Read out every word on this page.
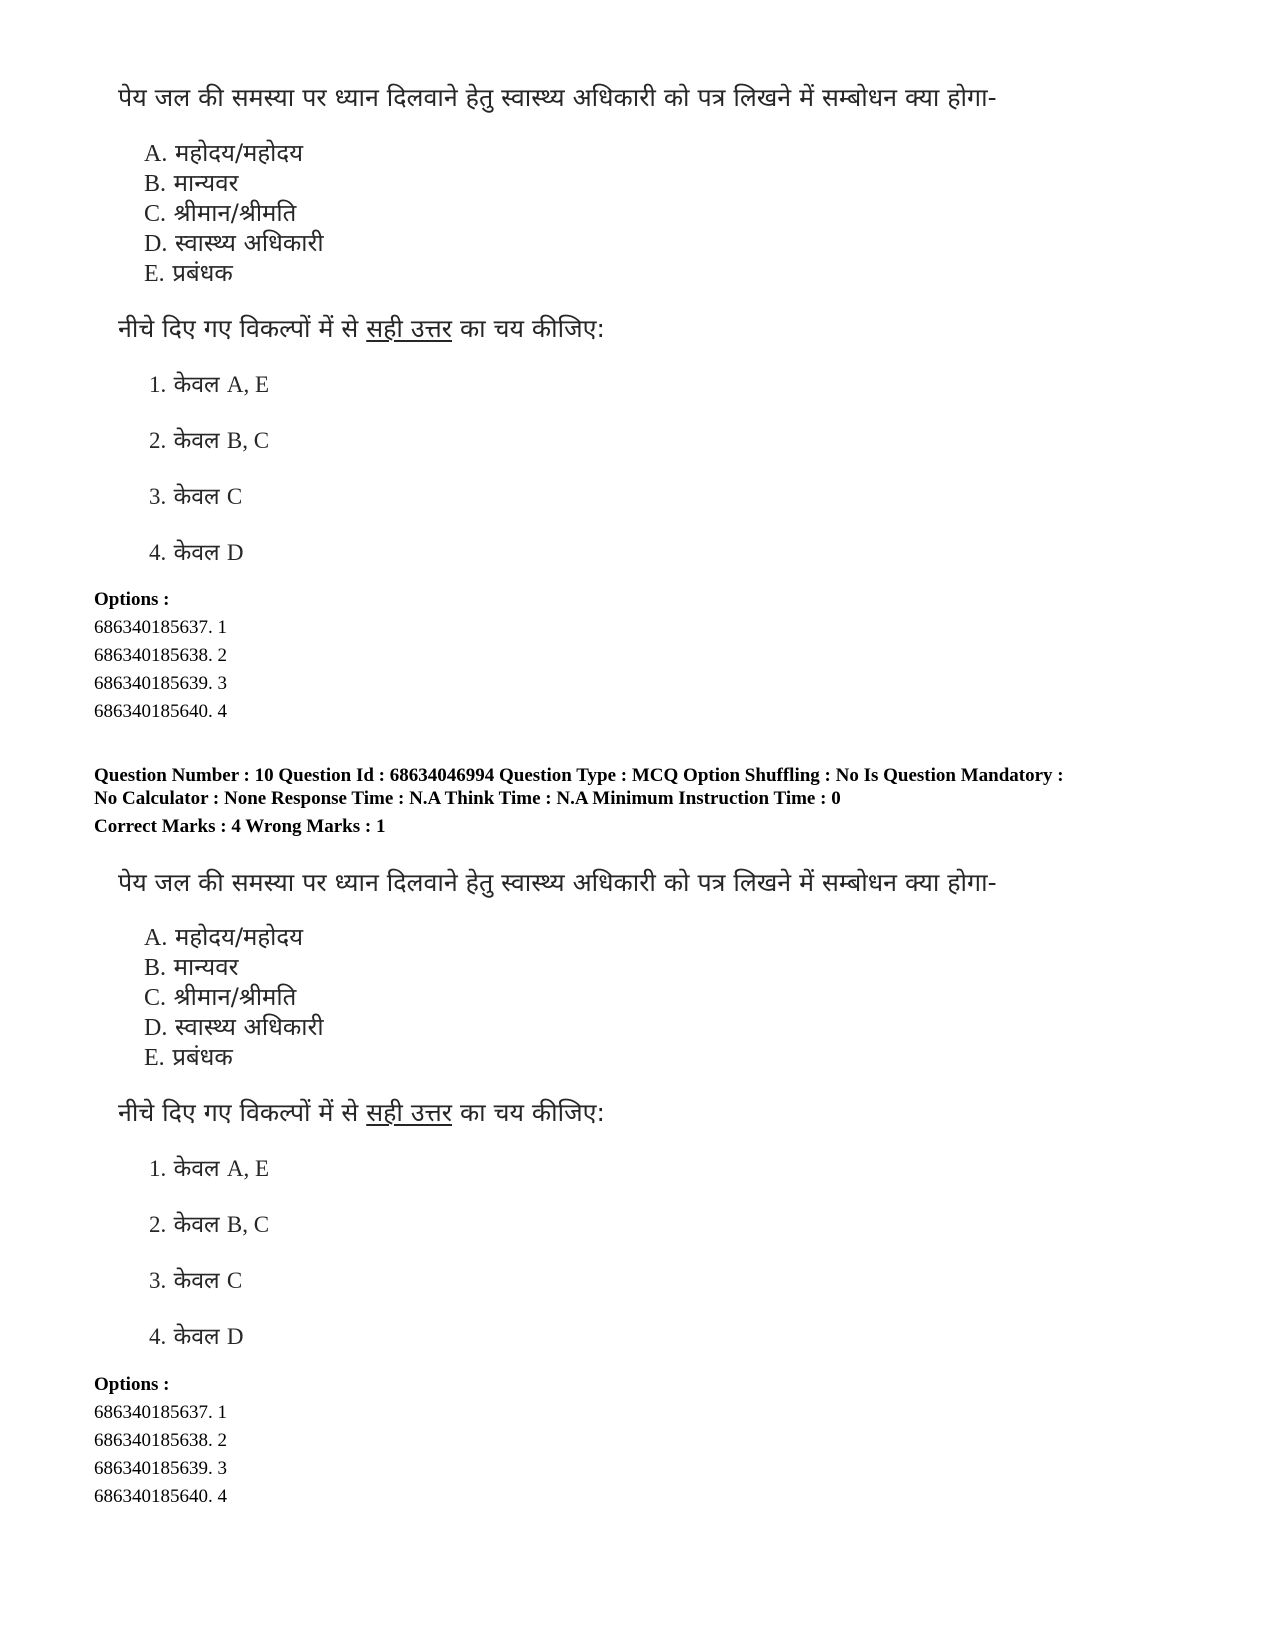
पेय जल की समस्या पर ध्यान दिलवाने हेतु स्वास्थ्य अधिकारी को पत्र लिखने में सम्बोधन क्या होगा-
A. महोदय/महोदय
B. मान्यवर
C. श्रीमान/श्रीमति
D. स्वास्थ्य अधिकारी
E. प्रबंधक
नीचे दिए गए विकल्पों में से सही उत्तर का चय कीजिए:
1. केवल A, E
2. केवल B, C
3. केवल C
4. केवल D
Options :
686340185637. 1
686340185638. 2
686340185639. 3
686340185640. 4
Question Number : 10 Question Id : 68634046994 Question Type : MCQ Option Shuffling : No Is Question Mandatory :
No Calculator : None Response Time : N.A Think Time : N.A Minimum Instruction Time : 0
Correct Marks : 4 Wrong Marks : 1
पेय जल की समस्या पर ध्यान दिलवाने हेतु स्वास्थ्य अधिकारी को पत्र लिखने में सम्बोधन क्या होगा-
A. महोदय/महोदय
B. मान्यवर
C. श्रीमान/श्रीमति
D. स्वास्थ्य अधिकारी
E. प्रबंधक
नीचे दिए गए विकल्पों में से सही उत्तर का चय कीजिए:
1. केवल A, E
2. केवल B, C
3. केवल C
4. केवल D
Options :
686340185637. 1
686340185638. 2
686340185639. 3
686340185640. 4
